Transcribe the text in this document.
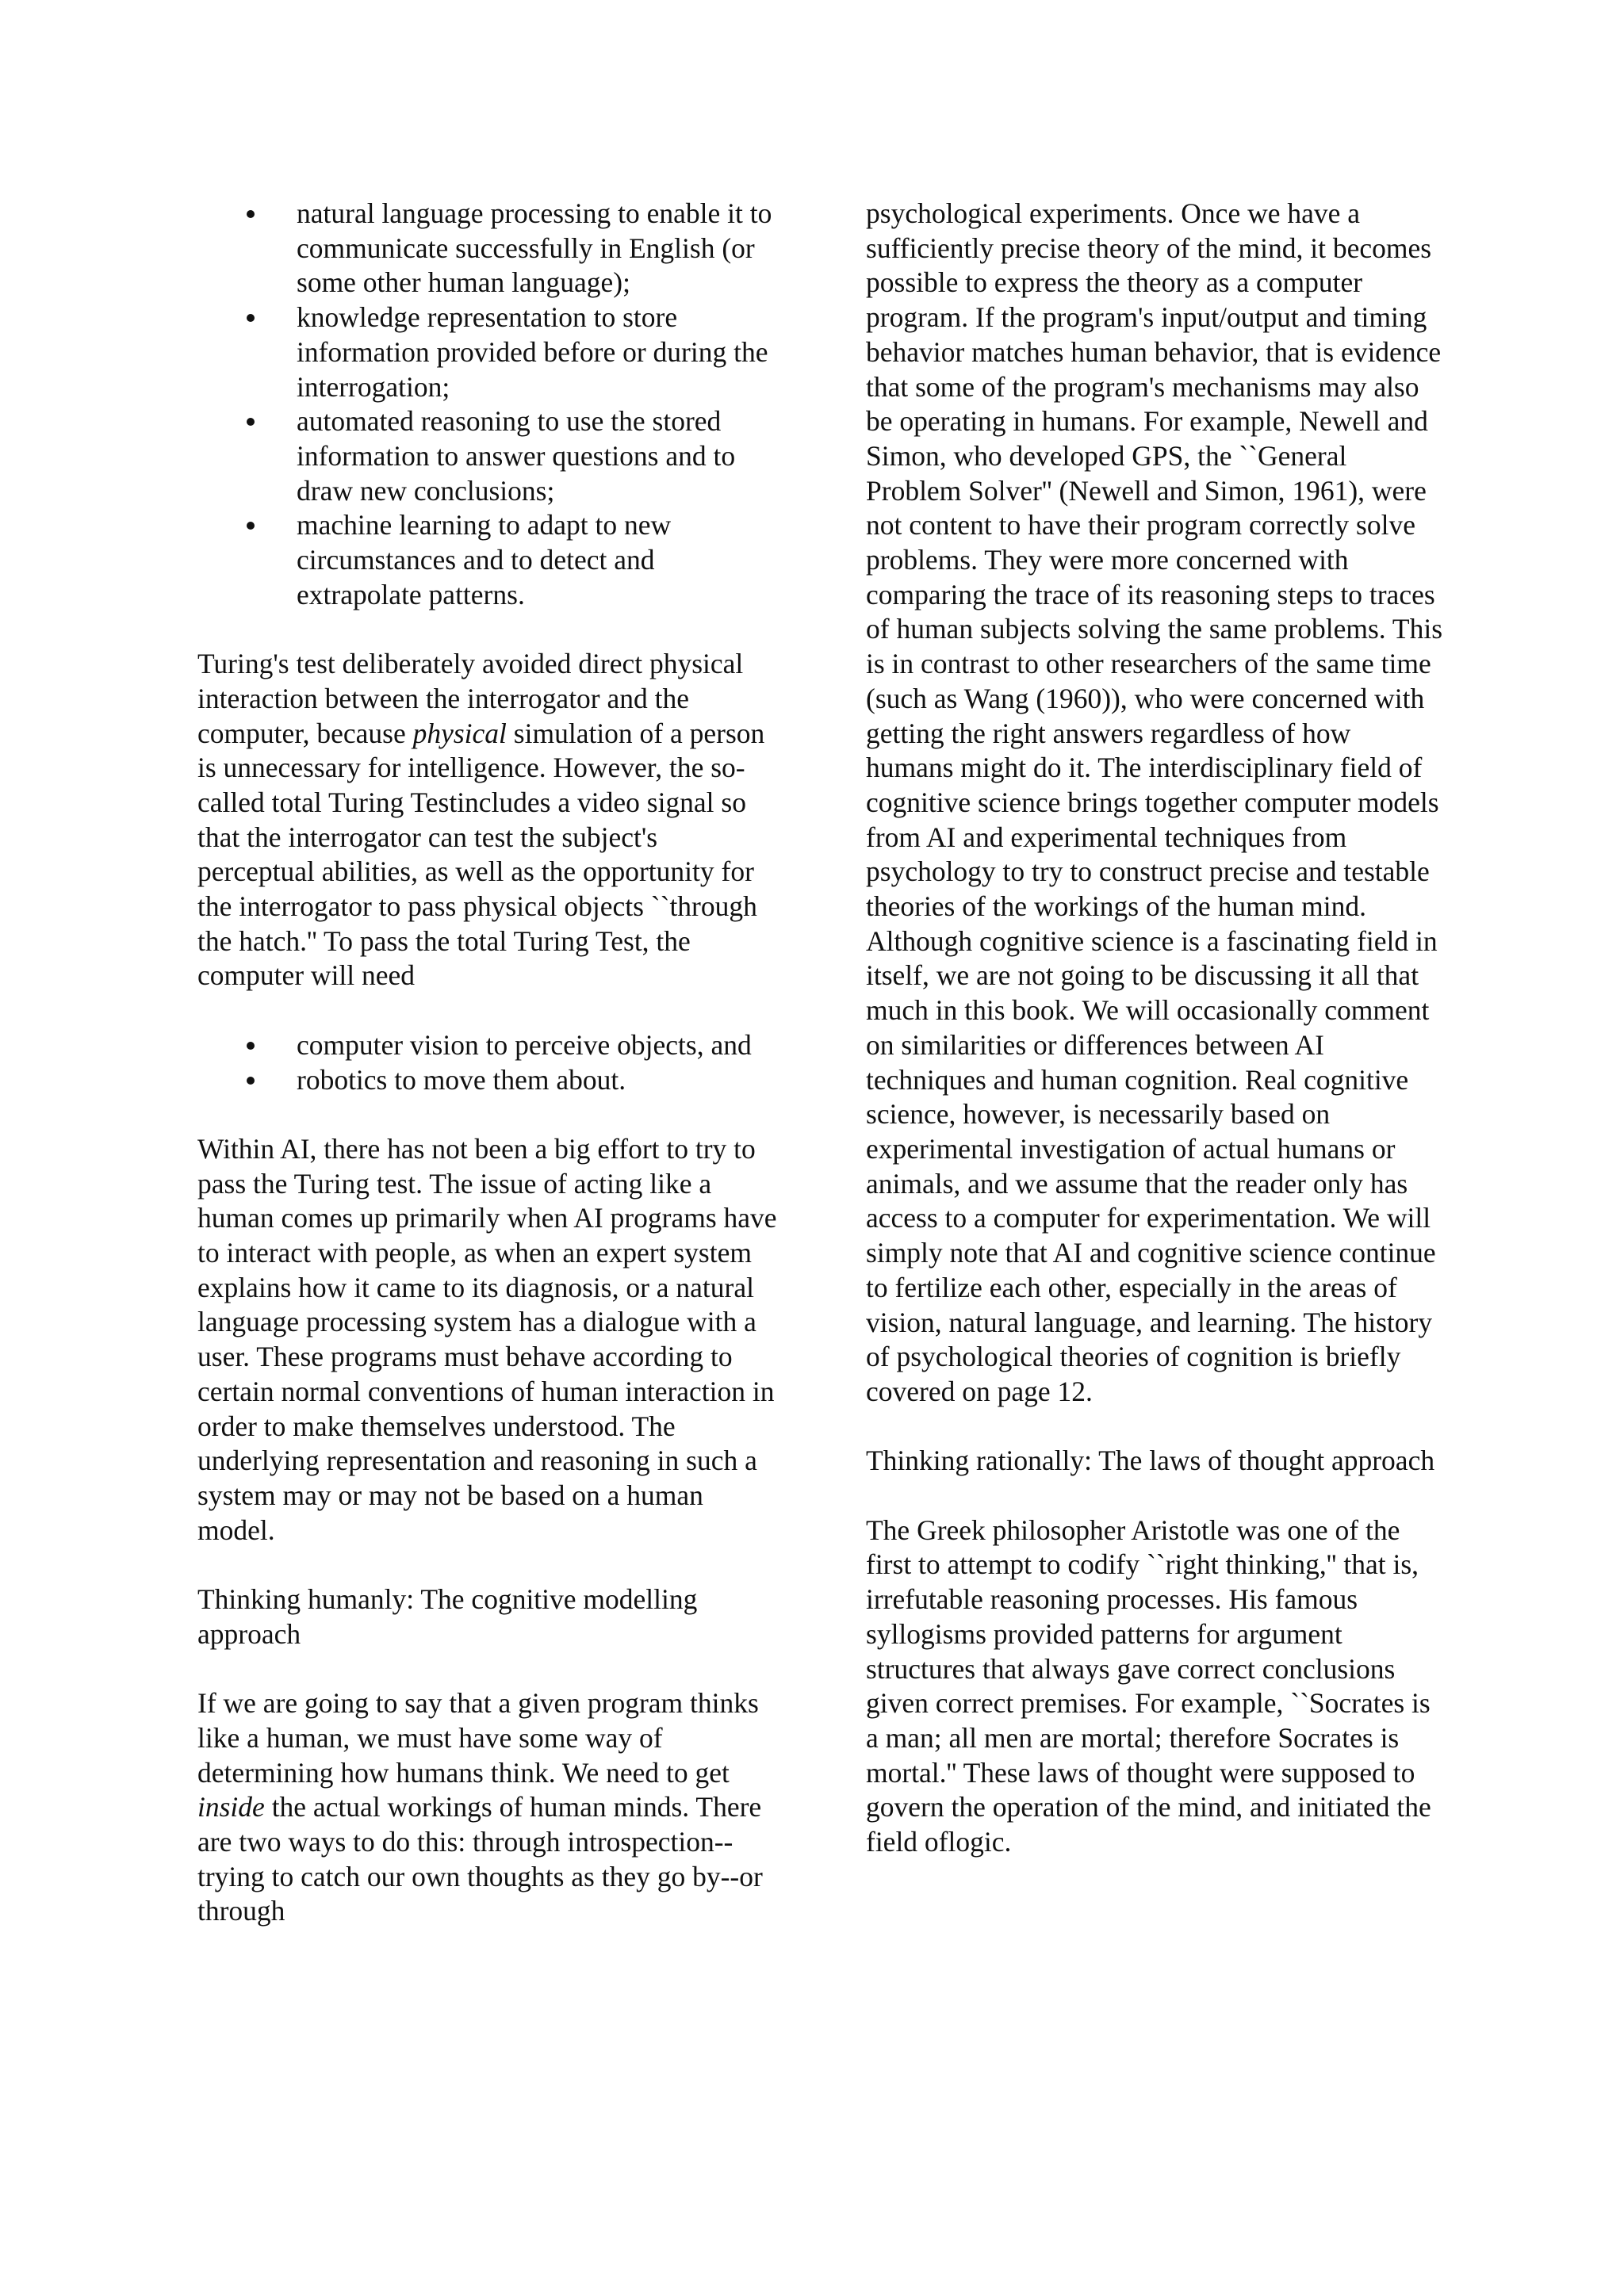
natural language processing to enable it to communicate successfully in English (or some other human language);
knowledge representation to store information provided before or during the interrogation;
automated reasoning to use the stored information to answer questions and to draw new conclusions;
machine learning to adapt to new circumstances and to detect and extrapolate patterns.

Turing's test deliberately avoided direct physical interaction between the interrogator and the computer, because physical simulation of a person is unnecessary for intelligence. However, the so-called total Turing Testincludes a video signal so that the interrogator can test the subject's perceptual abilities, as well as the opportunity for the interrogator to pass physical objects ``through the hatch.'' To pass the total Turing Test, the computer will need

computer vision to perceive objects, and
robotics to move them about.

Within AI, there has not been a big effort to try to pass the Turing test. The issue of acting like a human comes up primarily when AI programs have to interact with people, as when an expert system explains how it came to its diagnosis, or a natural language processing system has a dialogue with a user. These programs must behave according to certain normal conventions of human interaction in order to make themselves understood. The underlying representation and reasoning in such a system may or may not be based on a human model.

Thinking humanly: The cognitive modelling approach

If we are going to say that a given program thinks like a human, we must have some way of determining how humans think. We need to get inside the actual workings of human minds. There are two ways to do this: through introspection--trying to catch our own thoughts as they go by--or through

psychological experiments. Once we have a sufficiently precise theory of the mind, it becomes possible to express the theory as a computer program. If the program's input/output and timing behavior matches human behavior, that is evidence that some of the program's mechanisms may also be operating in humans. For example, Newell and Simon, who developed GPS, the ``General Problem Solver'' (Newell and Simon, 1961), were not content to have their program correctly solve problems. They were more concerned with comparing the trace of its reasoning steps to traces of human subjects solving the same problems. This is in contrast to other researchers of the same time (such as Wang (1960)), who were concerned with getting the right answers regardless of how humans might do it. The interdisciplinary field of cognitive science brings together computer models from AI and experimental techniques from psychology to try to construct precise and testable theories of the workings of the human mind. Although cognitive science is a fascinating field in itself, we are not going to be discussing it all that much in this book. We will occasionally comment on similarities or differences between AI techniques and human cognition. Real cognitive science, however, is necessarily based on experimental investigation of actual humans or animals, and we assume that the reader only has access to a computer for experimentation. We will simply note that AI and cognitive science continue to fertilize each other, especially in the areas of vision, natural language, and learning. The history of psychological theories of cognition is briefly covered on page 12.

Thinking rationally: The laws of thought approach

The Greek philosopher Aristotle was one of the first to attempt to codify ``right thinking,'' that is, irrefutable reasoning processes. His famous syllogisms provided patterns for argument structures that always gave correct conclusions given correct premises. For example, ``Socrates is a man; all men are mortal; therefore Socrates is mortal.'' These laws of thought were supposed to govern the operation of the mind, and initiated the field oflogic.
